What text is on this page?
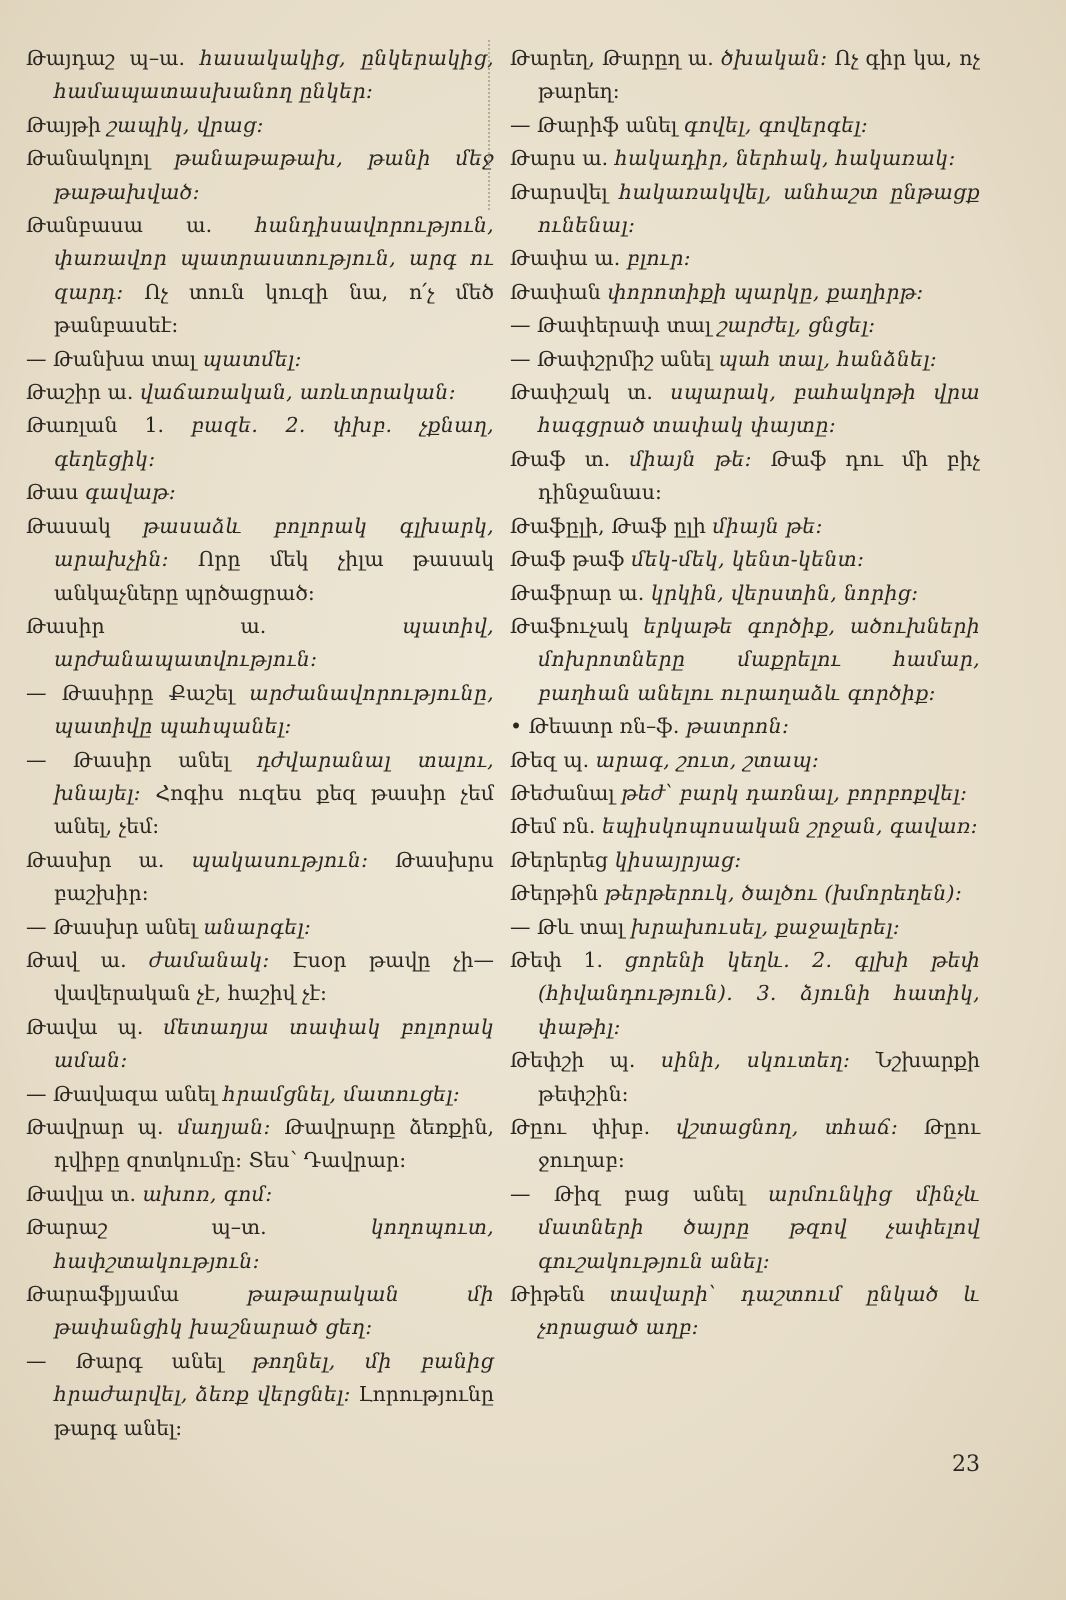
Թայդաշ պ–ա. հասակակից, ընկերակից, համապատասխանող ընկեր:

Թայթի շապիկ, վրաց:

Թանակոլոլ թանաթաթախ, թանի մեջ թաթախված:

Թանբասա ա. հանդիսավորություն, փառավոր պատրաստություն, արգ ու զարդ: Ոչ տուն կուզի նա, ո՛չ մեծ թանբասեէ:

— Թանխա տալ պատմել:

Թաշիր ա. վաճառական, առևտրական:

Թառլան 1. բազե. 2. փխբ. չքնաղ, գեղեցիկ:

Թաս գավաթ:

Թասակ թասաձև բոլորակ գլխարկ, արախչին: Որը մեկ չիլա թասակ անկաչները պրծացրած:

Թասիր ա.	պատիվ, արժանապատվություն:

— Թասիրը Քաշել արժանավորությունը, պատիվը պահպանել:

— Թասիր անել դժվարանալ տալու, խնայել: Հոգիս ուզես քեզ թասիր չեմ անել, չեմ:

Թասխր ա. պակասություն: Թասխրս բաշխիր:

— Թասխր անել անարգել:

Թավ ա. ժամանակ: Էսօր թավը չի—վավերական չէ, հաշիվ չէ:

Թավա պ. մետաղյա տափակ բոլորակ աման:

— Թավազա անել հրամցնել, մատուցել:

Թավրար պ. մաղյան: Թավրարը ձեռքին, դվիբը զոտկումը: Տես՝ Դավրար:

Թավլա տ. ախոռ, գոմ:

Թարաշ պ–տ.	կողոպուտ, հափշտակություն:

Թարաֆլյամա	թաթարական մի թափանցիկ խաշնարած ցեղ:

— Թարգ անել թողնել, մի բանից հրաժարվել, ձեռք վերցնել: Լորությունը թարգ անել:

Թարեղ, Թարըղ ա. ծխական: Ոչ գիր կա, ոչ թարեղ:

— Թարիֆ անել գովել, գովերգել:

Թարս ա. հակադիր, ներհակ, հակառակ:

Թարսվել հակառակվել, անհաշտ ընթացք ունենալ:

Թափա ա. բլուր:

Թափան փորոտիքի պարկը, քաղիրթ:

— Թափերափ տալ շարժել, ցնցել:

— Թափշրմիշ անել պահ տալ, հանձնել:

Թափշակ տ. սպարակ, բահակոթի վրա հագցրած տափակ փայտը:

Թաֆ տ. միայն թե: Թաֆ դու մի բիչ դինջանաս:

Թաֆըլի, Թաֆ ըլի միայն թե:

Թաֆ թաֆ մեկ-մեկ, կենտ-կենտ:

Թաֆրար ա. կրկին, վերստին, նորից:

Թաֆուչակ երկաթե գործիք, ածուխների մոխրոտները մաքրելու համար, բաղհան անելու ուրաղաձև գործիք:

• Թեատր ռն–ֆ. թատրոն:

Թեզ պ. արագ, շուտ, շտապ:

Թեժանալ թեժ՝ բարկ դառնալ, բորբոքվել:

Թեմ ռն. եպիսկոպոսական շրջան, գավառ:

Թերերեց կիսայրյաց:

Թերթին թերթերուկ, ծալծու (խմորեղեն):

— Թև տալ խրախուսել, քաջալերել:

Թեփ 1. ցորենի կեղև. 2. գլխի թեփ (հիվանդություն). 3. ձյունի հատիկ, փաթիլ:

Թեփշի պ. սինի, սկուտեղ: Նշխարքի թեփշին:

Թըու փխբ. վշտացնող, տհաճ: Թըու ջուղաբ:

— Թիզ բաց անել արմունկից մինչև մատների ծայրը թզով չափելով գուշակություն անել:

Թիթեն տավարի՝ դաշտում ընկած և չորացած աղբ:

23
